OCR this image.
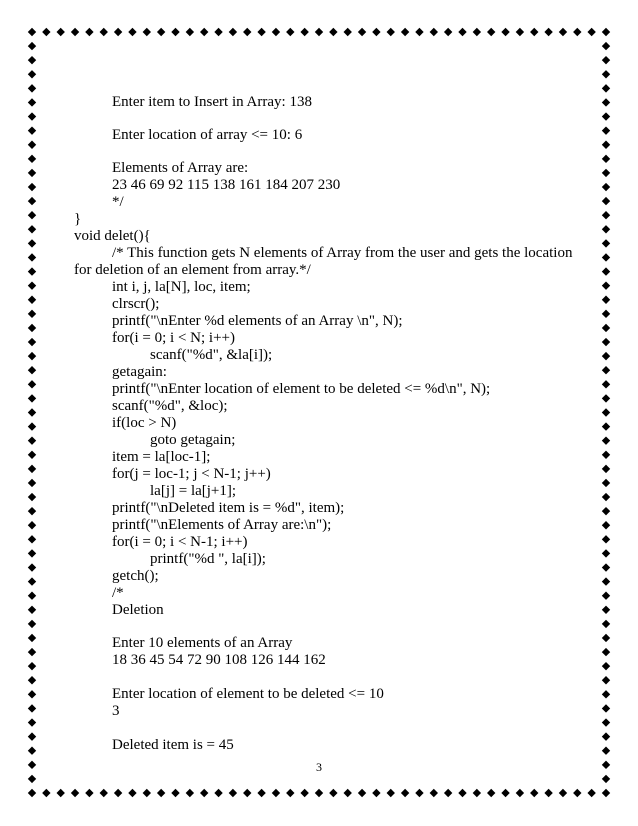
Enter item to Insert in Array: 138
Enter location of array <= 10: 6
Elements of Array are:
23 46 69 92 115 138 161 184 207 230
*/
}
void delet(){
/* This function gets N elements of Array from the user and gets the location
for deletion of an element from array.*/
int i, j, la[N], loc, item;
clrscr();
printf("\nEnter %d elements of an Array \n", N);
for(i = 0; i < N; i++)
scanf("%d", &la[i]);
getagain:
printf("\nEnter location of element to be deleted <= %d\n", N);
scanf("%d", &loc);
if(loc > N)
goto getagain;
item = la[loc-1];
for(j = loc-1; j < N-1; j++)
la[j] = la[j+1];
printf("\nDeleted item is = %d", item);
printf("\nElements of Array are:\n");
for(i = 0; i < N-1; i++)
printf("%d ", la[i]);
getch();
/*
Deletion
Enter 10 elements of an Array
18 36 45 54 72 90 108 126 144 162
Enter location of element to be deleted <= 10
3
Deleted item is = 45
3
